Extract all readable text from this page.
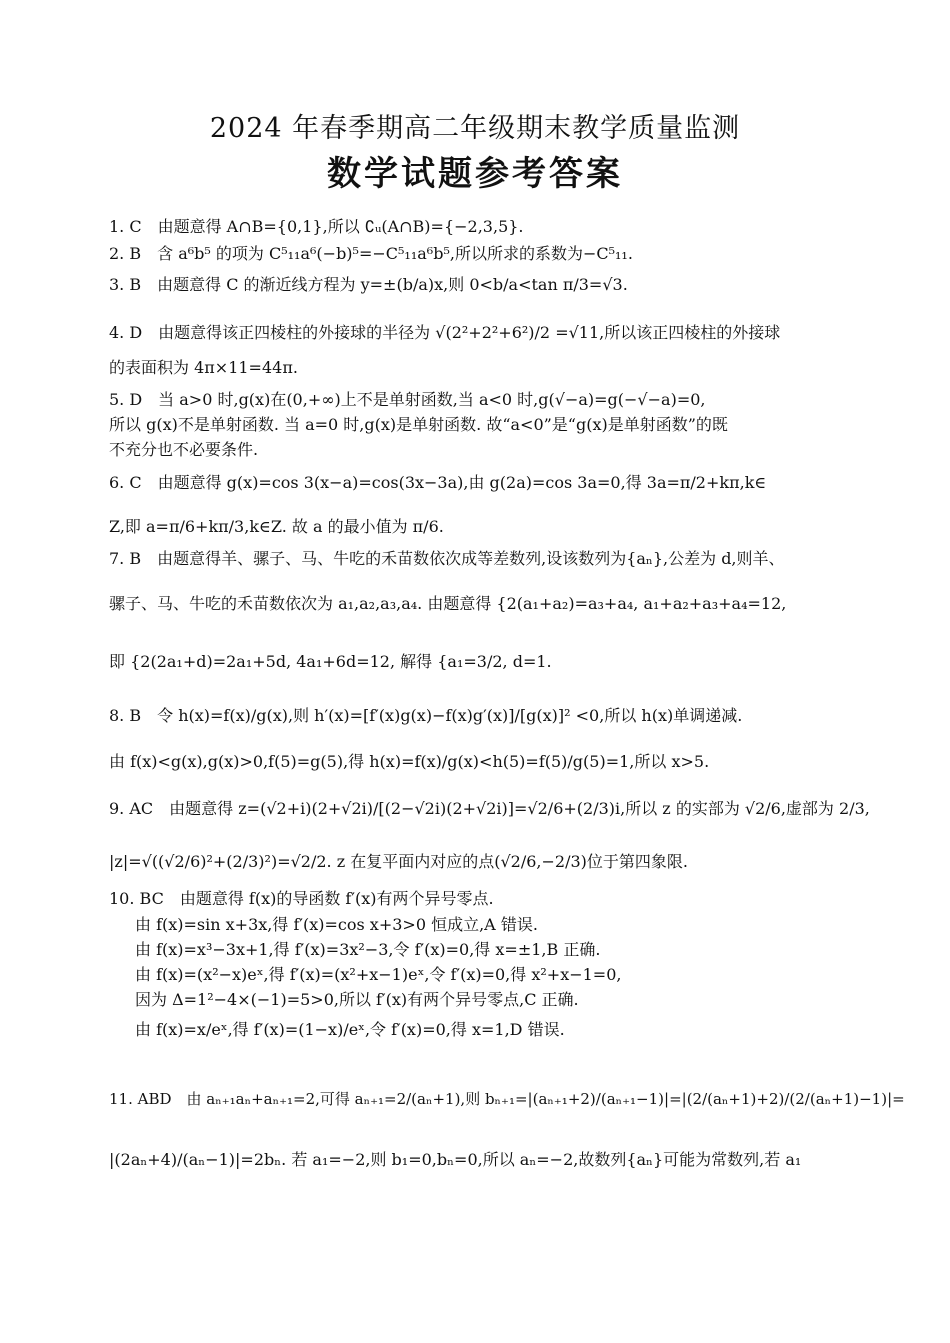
2024 年春季期高二年级期末教学质量监测
数学试题参考答案
1. C　由题意得 A∩B={0,1},所以 ∁ᵤ(A∩B)={−2,3,5}.
2. B　含 a⁶b⁵ 的项为 C⁵₁₁a⁶(−b)⁵=−C⁵₁₁a⁶b⁵,所以所求的系数为−C⁵₁₁.
3. B　由题意得 C 的渐近线方程为 y=±(b/a)x,则 0<b/a<tan π/3=√3.
4. D　由题意得该正四棱柱的外接球的半径为 √(2²+2²+6²)/2 =√11,所以该正四棱柱的外接球
的表面积为 4π×11=44π.
5. D　当 a>0 时,g(x)在(0,+∞)上不是单射函数,当 a<0 时,g(√−a)=g(−√−a)=0,
所以 g(x)不是单射函数. 当 a=0 时,g(x)是单射函数. 故“a<0”是“g(x)是单射函数”的既
不充分也不必要条件.
6. C　由题意得 g(x)=cos 3(x−a)=cos(3x−3a),由 g(2a)=cos 3a=0,得 3a=π/2+kπ,k∈
Z,即 a=π/6+kπ/3,k∈Z. 故 a 的最小值为 π/6.
7. B　由题意得羊、骡子、马、牛吃的禾苗数依次成等差数列,设该数列为{aₙ},公差为 d,则羊、
骡子、马、牛吃的禾苗数依次为 a₁,a₂,a₃,a₄. 由题意得 {2(a₁+a₂)=a₃+a₄, a₁+a₂+a₃+a₄=12,
即 {2(2a₁+d)=2a₁+5d, 4a₁+6d=12, 解得 {a₁=3/2, d=1.
8. B　令 h(x)=f(x)/g(x),则 h′(x)=[f′(x)g(x)−f(x)g′(x)]/[g(x)]² <0,所以 h(x)单调递减.
由 f(x)<g(x),g(x)>0,f(5)=g(5),得 h(x)=f(x)/g(x)<h(5)=f(5)/g(5)=1,所以 x>5.
9. AC　由题意得 z=(√2+i)(2+√2i)/[(2−√2i)(2+√2i)]=√2/6+(2/3)i,所以 z 的实部为 √2/6,虚部为 2/3,
|z|=√((√2/6)²+(2/3)²)=√2/2. z 在复平面内对应的点(√2/6,−2/3)位于第四象限.
10. BC　由题意得 f(x)的导函数 f′(x)有两个异号零点.
由 f(x)=sin x+3x,得 f′(x)=cos x+3>0 恒成立,A 错误.
由 f(x)=x³−3x+1,得 f′(x)=3x²−3,令 f′(x)=0,得 x=±1,B 正确.
由 f(x)=(x²−x)eˣ,得 f′(x)=(x²+x−1)eˣ,令 f′(x)=0,得 x²+x−1=0,
因为 Δ=1²−4×(−1)=5>0,所以 f′(x)有两个异号零点,C 正确.
由 f(x)=x/eˣ,得 f′(x)=(1−x)/eˣ,令 f′(x)=0,得 x=1,D 错误.
11. ABD　由 aₙ₊₁aₙ+aₙ₊₁=2,可得 aₙ₊₁=2/(aₙ+1),则 bₙ₊₁=|(aₙ₊₁+2)/(aₙ₊₁−1)|=|(2/(aₙ+1)+2)/(2/(aₙ+1)−1)|=
|(2aₙ+4)/(aₙ−1)|=2bₙ. 若 a₁=−2,则 b₁=0,bₙ=0,所以 aₙ=−2,故数列{aₙ}可能为常数列,若 a₁
